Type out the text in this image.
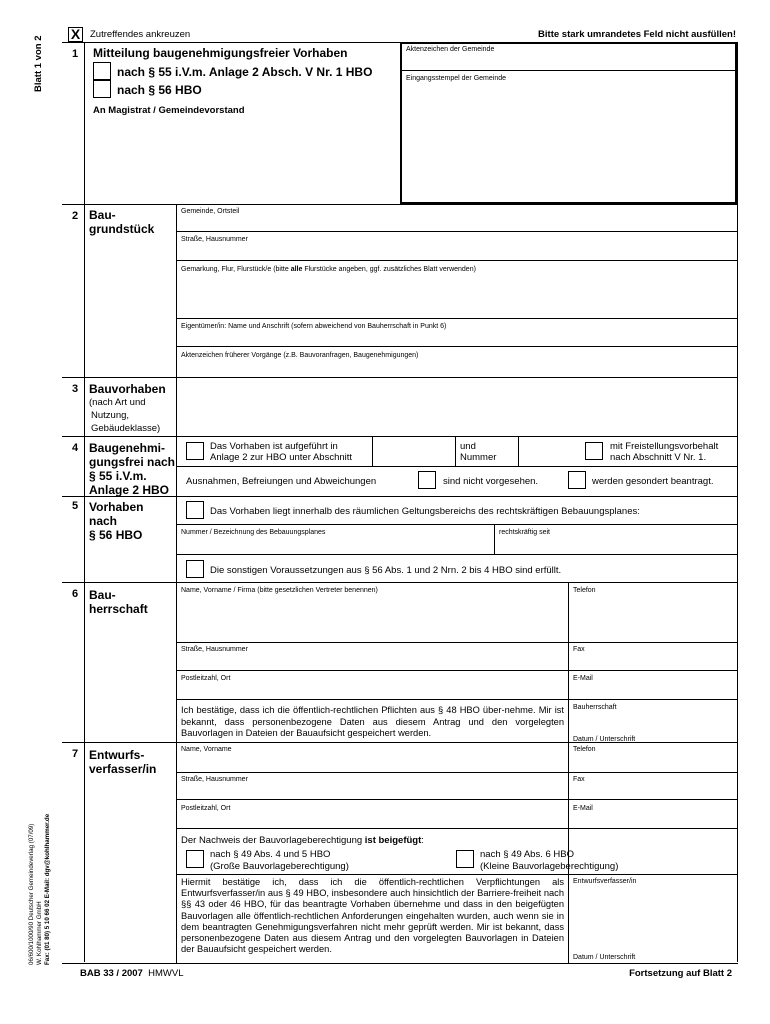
Blatt 1 von 2
06/600/1000/90 Deutscher Gemeindeverlag (07/09) W. Kohlhammer GmbH Fax: (01 80) 5 10 66 02 E-Mail: dgv@kohlhammer.de
X Zutreffendes ankreuzen	Bitte stark umrandetes Feld nicht ausfüllen!
1 Mitteilung baugenehmigungsfreier Vorhaben
nach § 55 i.V.m. Anlage 2 Absch. V Nr. 1 HBO
nach § 56 HBO
An Magistrat / Gemeindevorstand
Aktenzeichen der Gemeinde
Eingangsstempel der Gemeinde
2 Bau-
grundstück
Gemeinde, Ortsteil
Straße, Hausnummer
Gemarkung, Flur, Flurstück/e (bitte alle Flurstücke angeben, ggf. zusätzliches Blatt verwenden)
Eigentümer/in: Name und Anschrift (sofern abweichend von Bauherrschaft in Punkt 6)
Aktenzeichen früherer Vorgänge (z.B. Bauvoranfragen, Baugenehmigungen)
3 Bauvorhaben
(nach Art und
Nutzung,
Gebäudeklasse)
4 Baugenehmi-
gungsfrei nach
§ 55 i.V.m.
Anlage 2 HBO
Das Vorhaben ist aufgeführt in
Anlage 2 zur HBO unter Abschnitt
und
Nummer
mit Freistellungsvorbehalt
nach Abschnitt V Nr. 1.
Ausnahmen, Befreiungen und Abweichungen	sind nicht vorgesehen.	werden gesondert beantragt.
5 Vorhaben
nach
§ 56 HBO
Das Vorhaben liegt innerhalb des räumlichen Geltungsbereichs des rechtskräftigen Bebauungsplanes:
Nummer / Bezeichnung des Bebauungsplanes	rechtskräftig seit
Die sonstigen Voraussetzungen aus § 56 Abs. 1 und 2 Nrn. 2 bis 4 HBO sind erfüllt.
6 Bau-
herrschaft
Name, Vorname / Firma (bitte gesetzlichen Vertreter benennen)	Telefon
Straße, Hausnummer	Fax
Postleitzahl, Ort	E-Mail
Ich bestätige, dass ich die öffentlich-rechtlichen Pflichten aus § 48 HBO über-nehme. Mir ist bekannt, dass personenbezogene Daten aus diesem Antrag und den vorgelegten Bauvorlagen in Dateien der Bauaufsicht gespeichert werden.
Bauherrschaft
Datum / Unterschrift
7 Entwurfs-
verfasser/in
Name, Vorname	Telefon
Straße, Hausnummer	Fax
Postleitzahl, Ort	E-Mail
Der Nachweis der Bauvorlageberechtigung ist beigefügt:
nach § 49 Abs. 4 und 5 HBO
(Große Bauvorlageberechtigung)
nach § 49 Abs. 6 HBO
(Kleine Bauvorlageberechtigung)
Hiermit bestätige ich, dass ich die öffentlich-rechtlichen Verpflichtungen als Entwurfsverfasser/in aus § 49 HBO, insbesondere auch hinsichtlich der Barriere-freiheit nach §§ 43 oder 46 HBO, für das beantragte Vorhaben übernehme und dass in den beigefügten Bauvorlagen alle öffentlich-rechtlichen Anforderungen eingehalten wurden, auch wenn sie in dem beantragten Genehmigungsverfahren nicht mehr geprüft werden. Mir ist bekannt, dass personenbezogene Daten aus diesem Antrag und den vorgelegten Bauvorlagen in Dateien der Bauaufsicht gespeichert werden.
Entwurfsverfasser/in
Datum / Unterschrift
BAB 33 / 2007 HMWVL	Fortsetzung auf Blatt 2
